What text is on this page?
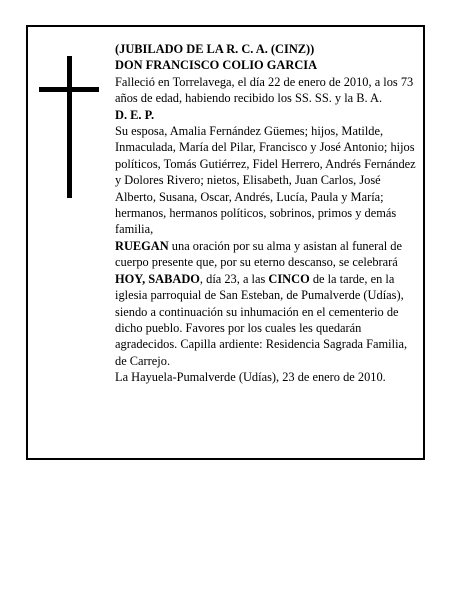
(JUBILADO DE LA R. C. A. (CINZ))

DON FRANCISCO COLIO GARCIA

Falleció en Torrelavega, el día 22 de enero de 2010, a los 73 años de edad, habiendo recibido los SS. SS. y la B. A.

D. E. P.

Su esposa, Amalia Fernández Güemes; hijos, Matilde, Inmaculada, María del Pilar, Francisco y José Antonio; hijos políticos, Tomás Gutiérrez, Fidel Herrero, Andrés Fernández y Dolores Rivero; nietos, Elisabeth, Juan Carlos, José Alberto, Susana, Oscar, Andrés, Lucía, Paula y María; hermanos, hermanos políticos, sobrinos, primos y demás familia,

RUEGAN una oración por su alma y asistan al funeral de cuerpo presente que, por su eterno descanso, se celebrará HOY, SABADO, día 23, a las CINCO de la tarde, en la iglesia parroquial de San Esteban, de Pumalverde (Udías), siendo a continuación su inhumación en el cementerio de dicho pueblo. Favores por los cuales les quedarán agradecidos. Capilla ardiente: Residencia Sagrada Familia, de Carrejo.

La Hayuela-Pumalverde (Udías), 23 de enero de 2010.
